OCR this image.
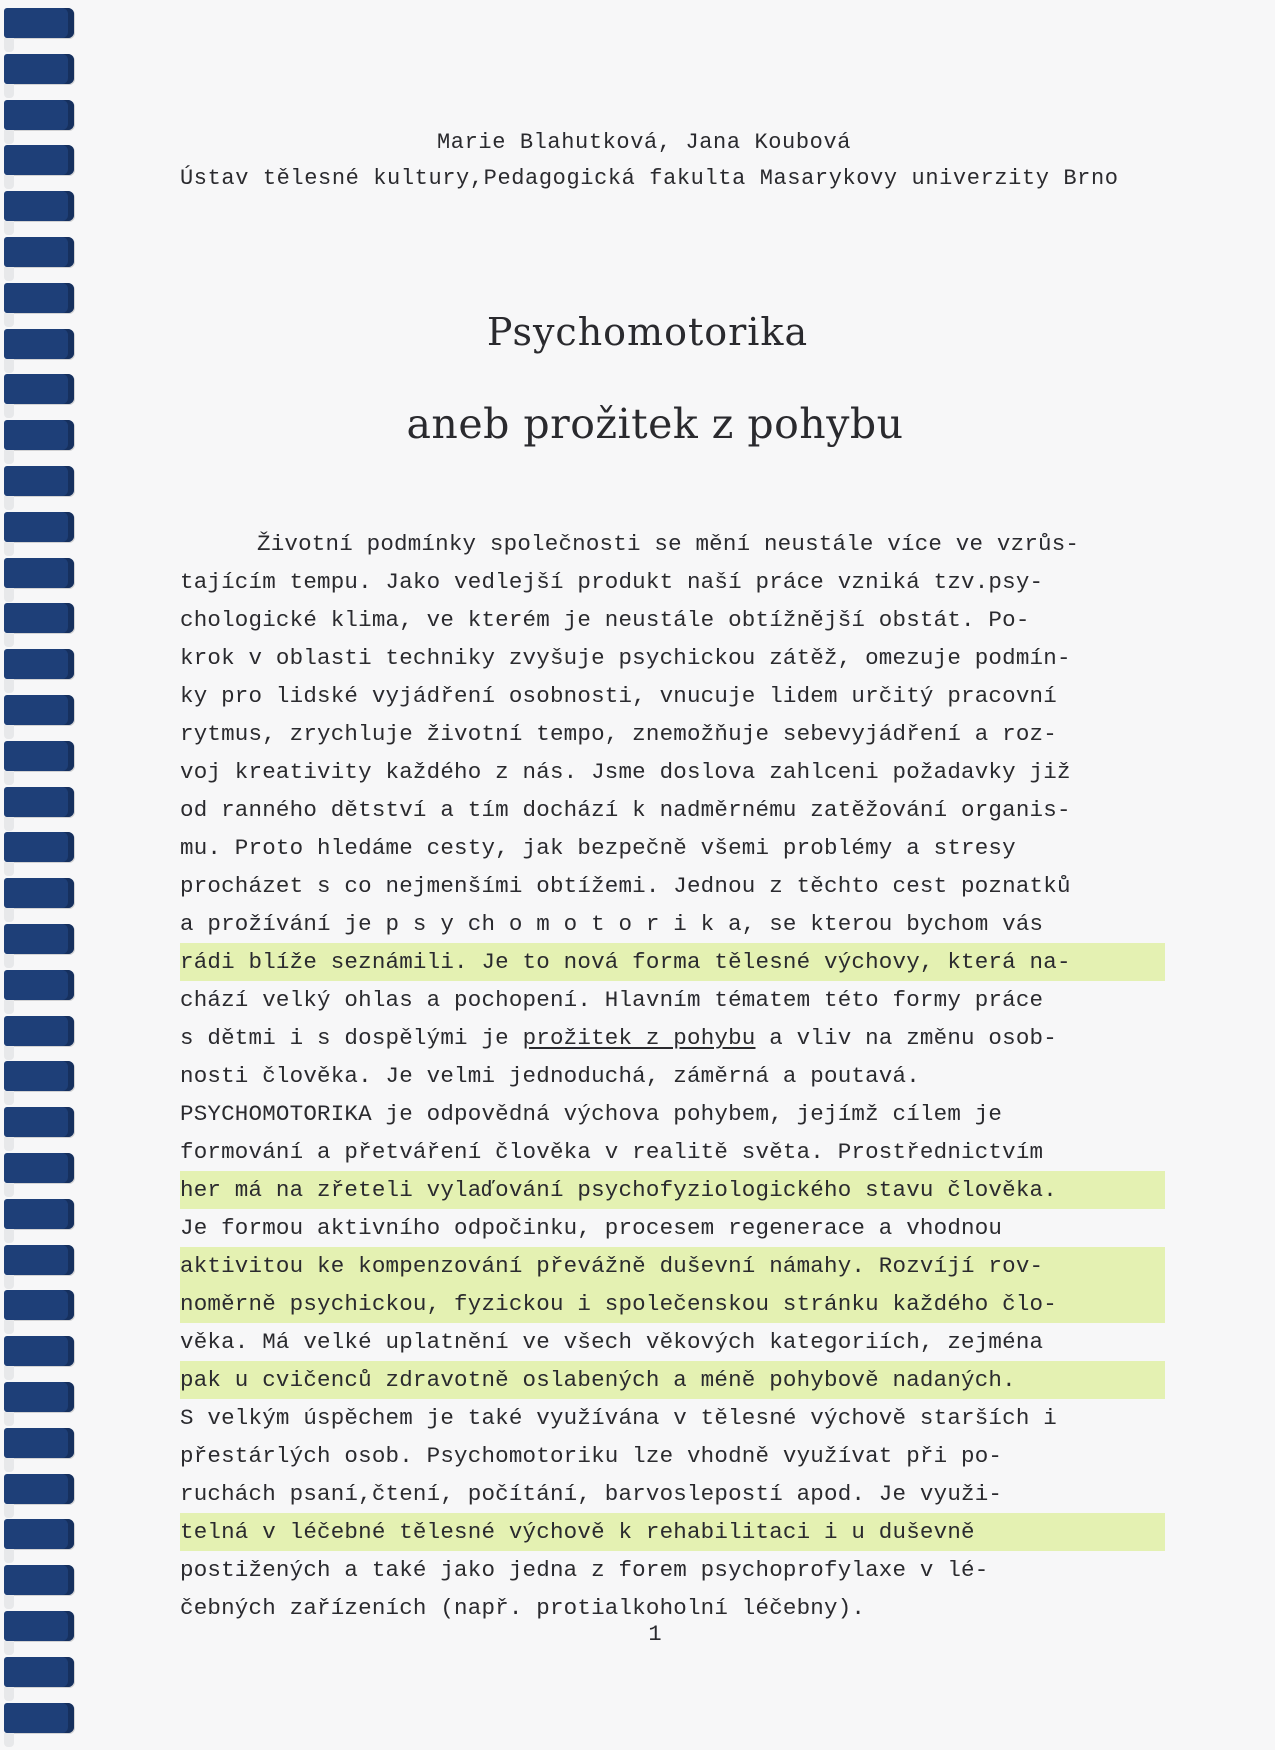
Marie Blahutková, Jana Koubová
Ústav tělesné kultury,Pedagogická fakulta Masarykovy univerzity Brno
Psychomotorika
aneb prožitek z pohybu
Životní podmínky společnosti se mění neustále více ve vzrůs-
tajícím tempu. Jako vedlejší produkt naší práce vzniká tzv.psy-
chologické klima, ve kterém je neustále obtížnější obstát. Po-
krok v oblasti techniky zvyšuje psychickou zátěž, omezuje podmín-
ky pro lidské vyjádření osobnosti, vnucuje lidem určitý pracovní
rytmus, zrychluje životní tempo, znemožňuje sebevyjádření a roz-
voj kreativity každého z nás. Jsme doslova zahlceni požadavky již
od ranného dětství a tím dochází k nadměrnému zatěžování organis-
mu. Proto hledáme cesty, jak bezpečně všemi problémy a stresy
procházet s co nejmenšími obtížemi. Jednou z těchto cest poznatků
a prožívání je p s y ch o m o t o r i k a, se kterou bychom vás
rádi blíže seznámili. Je to nová forma tělesné výchovy, která na-
chází velký ohlas a pochopení. Hlavním tématem této formy práce
s dětmi i s dospělými je prožitek z pohybu a vliv na změnu osob-
nosti člověka. Je velmi jednoduchá, záměrná a poutavá.
PSYCHOMOTORIKA je odpovědná výchova pohybem, jejímž cílem je
formování a přetváření člověka v realitě světa. Prostřednictvím
her má na zřeteli vylaďování psychofyziologického stavu člověka.
Je formou aktivního odpočinku, procesem regenerace a vhodnou
aktivitou ke kompenzování převážně duševní námahy. Rozvíjí rov-
noměrně psychickou, fyzickou i společenskou stránku každého člo-
věka. Má velké uplatnění ve všech věkových kategoriích, zejména
pak u cvičenců zdravotně oslabených a méně pohybově nadaných.
S velkým úspěchem je také využívána v tělesné výchově starších i
přestárlých osob. Psychomotoriku lze vhodně využívat při po-
ruchách psaní,čtení, počítání, barvoslepostí apod. Je využi-
telná v léčebné tělesné výchově k rehabilitaci i u duševně
postižených a také jako jedna z forem psychoprofylaxe v lé-
čebných zařízeních (např. protialkoholní léčebny).
1
